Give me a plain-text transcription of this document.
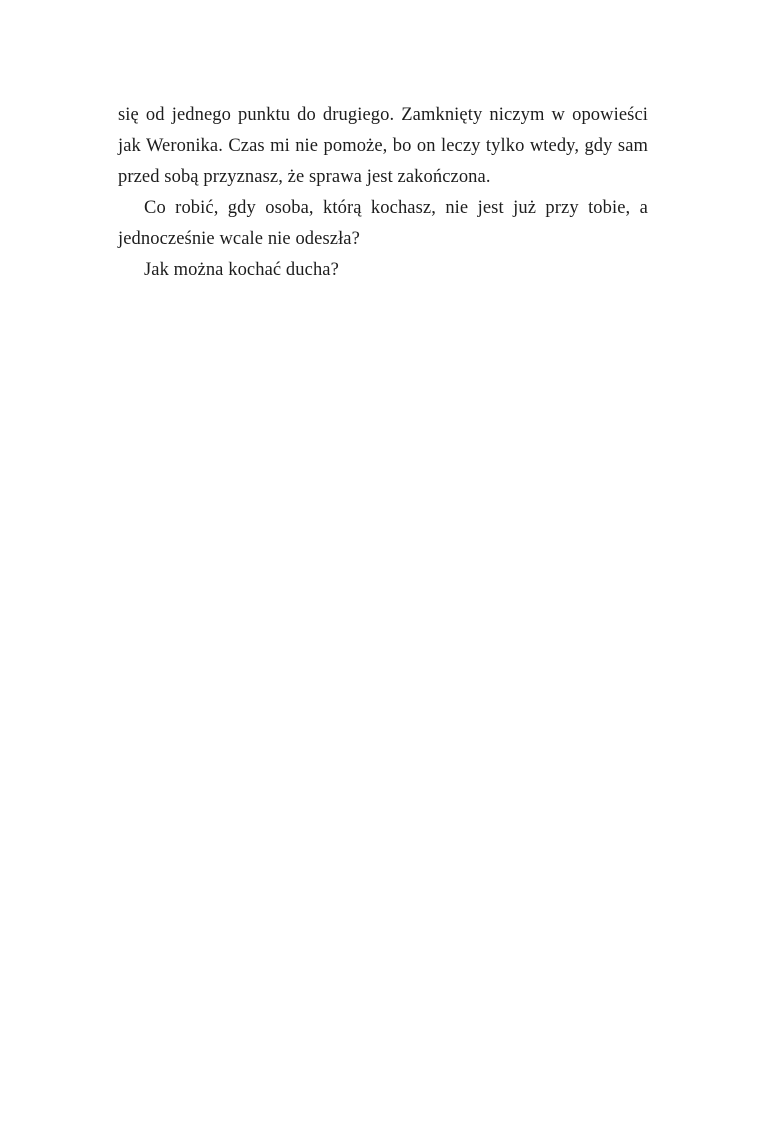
się od jednego punktu do drugiego. Zamknięty niczym w opowieści jak Weronika. Czas mi nie pomoże, bo on leczy tylko wtedy, gdy sam przed sobą przyznasz, że sprawa jest zakończona.

Co robić, gdy osoba, którą kochasz, nie jest już przy tobie, a jednocześnie wcale nie odeszła?

Jak można kochać ducha?
